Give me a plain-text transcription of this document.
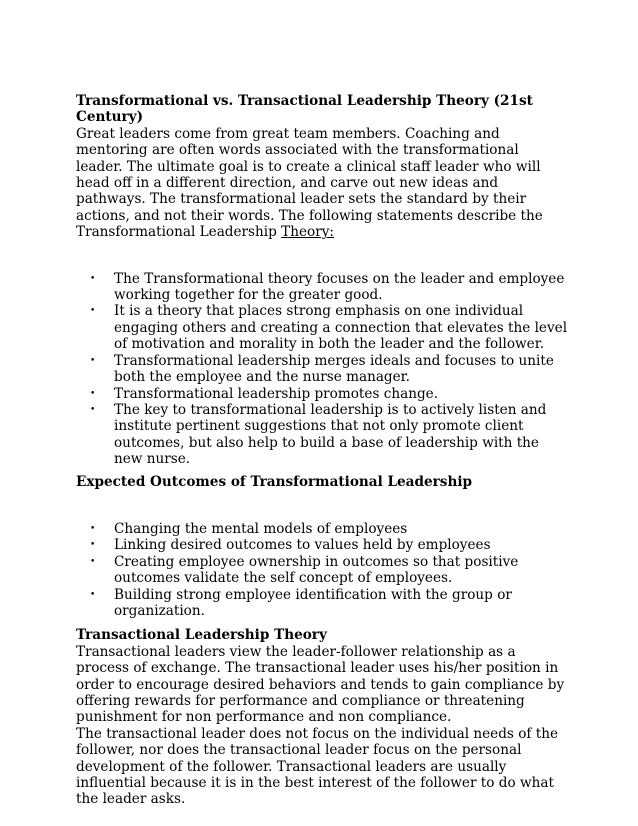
Transformational vs. Transactional Leadership Theory (21st Century)

Great leaders come from great team members. Coaching and mentoring are often words associated with the transformational leader. The ultimate goal is to create a clinical staff leader who will head off in a different direction, and carve out new ideas and pathways. The transformational leader sets the standard by their actions, and not their words. The following statements describe the Transformational Leadership Theory:

• The Transformational theory focuses on the leader and employee working together for the greater good.
• It is a theory that places strong emphasis on one individual engaging others and creating a connection that elevates the level of motivation and morality in both the leader and the follower.
• Transformational leadership merges ideals and focuses to unite both the employee and the nurse manager.
• Transformational leadership promotes change.
• The key to transformational leadership is to actively listen and institute pertinent suggestions that not only promote client outcomes, but also help to build a base of leadership with the new nurse.

Expected Outcomes of Transformational Leadership

• Changing the mental models of employees
• Linking desired outcomes to values held by employees
• Creating employee ownership in outcomes so that positive outcomes validate the self concept of employees.
• Building strong employee identification with the group or organization.

Transactional Leadership Theory

Transactional leaders view the leader-follower relationship as a process of exchange. The transactional leader uses his/her position in order to encourage desired behaviors and tends to gain compliance by offering rewards for performance and compliance or threatening punishment for non performance and non compliance.

The transactional leader does not focus on the individual needs of the follower, nor does the transactional leader focus on the personal development of the follower. Transactional leaders are usually influential because it is in the best interest of the follower to do what the leader asks.
